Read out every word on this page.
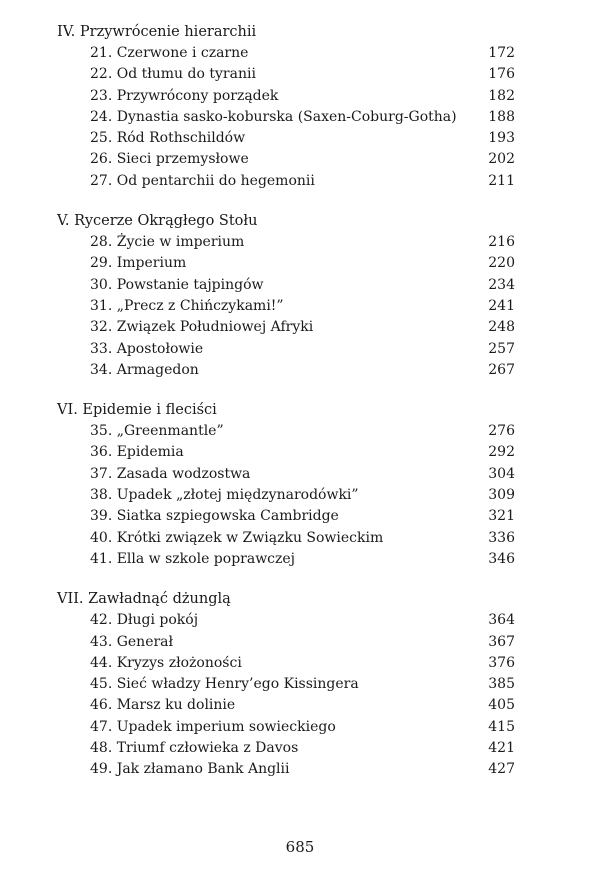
IV. Przywrócenie hierarchii
21. Czerwone i czarne	172
22. Od tłumu do tyranii	176
23. Przywrócony porządek	182
24. Dynastia sasko-koburska (Saxen-Coburg-Gotha)	188
25. Ród Rothschildów	193
26. Sieci przemysłowe	202
27. Od pentarchii do hegemonii	211
V. Rycerze Okrągłego Stołu
28. Życie w imperium	216
29. Imperium	220
30. Powstanie tajpingów	234
31. „Precz z Chińczykami!”	241
32. Związek Południowej Afryki	248
33. Apostołowie	257
34. Armagedon	267
VI. Epidemie i fleciści
35. „Greenmantle”	276
36. Epidemia	292
37. Zasada wodzostwa	304
38. Upadek „złotej międzynarodówki”	309
39. Siatka szpiegowska Cambridge	321
40. Krótki związek w Związku Sowieckim	336
41. Ella w szkole poprawczej	346
VII. Zawładnąć dżunglą
42. Długi pokój	364
43. Generał	367
44. Kryzys złożoności	376
45. Sieć władzy Henry’ego Kissingera	385
46. Marsz ku dolinie	405
47. Upadek imperium sowieckiego	415
48. Triumf człowieka z Davos	421
49. Jak złamano Bank Anglii	427
685
